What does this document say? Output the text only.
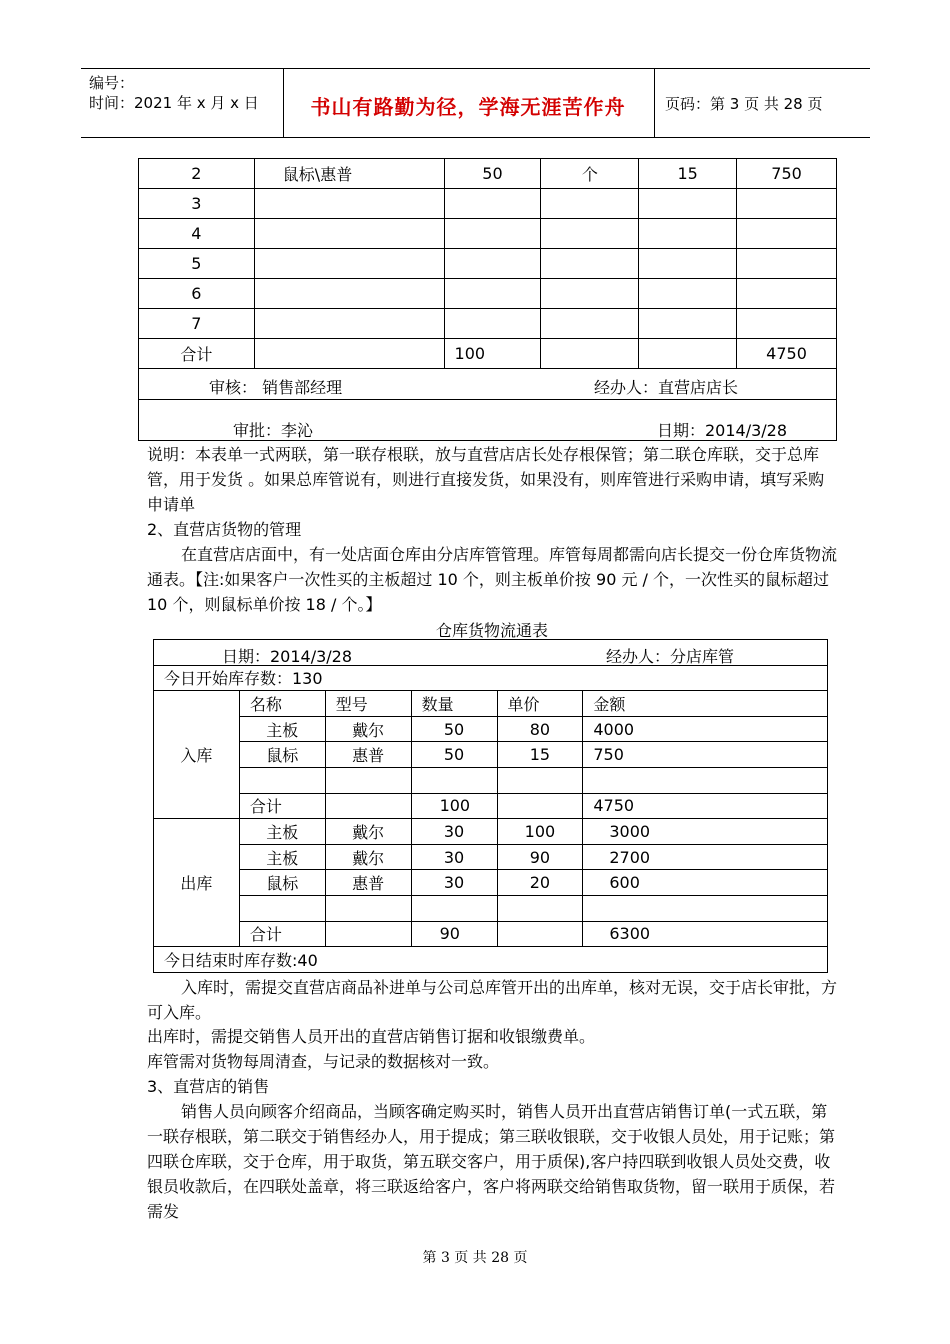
编号：
时间：2021 年 x 月 x 日	书山有路勤为径，学海无涯苦作舟	页码：第 3 页 共 28 页
2	鼠标\惠普	50	个	15	750
3					
4					
5					
6					
7					
合计		100			4750

审核： 销售部经理 经办人：直营店店长					

审批：李沁 日期：2014/3/28					

说明：本表单一式两联，第一联存根联，放与直营店店长处存根保管；第二联仓库联，交于总库管，用于发货 。如果总库管说有，则进行直接发货，如果没有，则库管进行采购申请，填写采购申请单

2、直营店货物的管理

在直营店店面中，有一处店面仓库由分店库管管理。库管每周都需向店长提交一份仓库货物流通表。【注:如果客户一次性买的主板超过 10 个，则主板单价按 90 元 / 个，一次性买的鼠标超过 10 个，则鼠标单价按 18 / 个。】

仓库货物流通表

日期：2014/3/28 经办人：分店库管					

今日开始库存数：130					
入库	名称	型号	数量	单价	金额
	主板	戴尔	50	80	4000
	鼠标	惠普	50	15	750

	合计		100		4750
出库	主板	戴尔	30	100	3000
	主板	戴尔	30	90	2700
	鼠标	惠普	30	20	600

	合计		90		6300
今日结束时库存数:40					

入库时，需提交直营店商品补进单与公司总库管开出的出库单，核对无误，交于店长审批，方可入库。

出库时，需提交销售人员开出的直营店销售订据和收银缴费单。

库管需对货物每周清查，与记录的数据核对一致。

3、直营店的销售

销售人员向顾客介绍商品，当顾客确定购买时，销售人员开出直营店销售订单(一式五联，第一联存根联，第二联交于销售经办人，用于提成；第三联收银联，交于收银人员处，用于记账；第四联仓库联，交于仓库，用于取货，第五联交客户，用于质保),客户持四联到收银人员处交费，收银员收款后，在四联处盖章，将三联返给客户，客户将两联交给销售取货物，留一联用于质保，若需发

第 3 页 共 28 页
